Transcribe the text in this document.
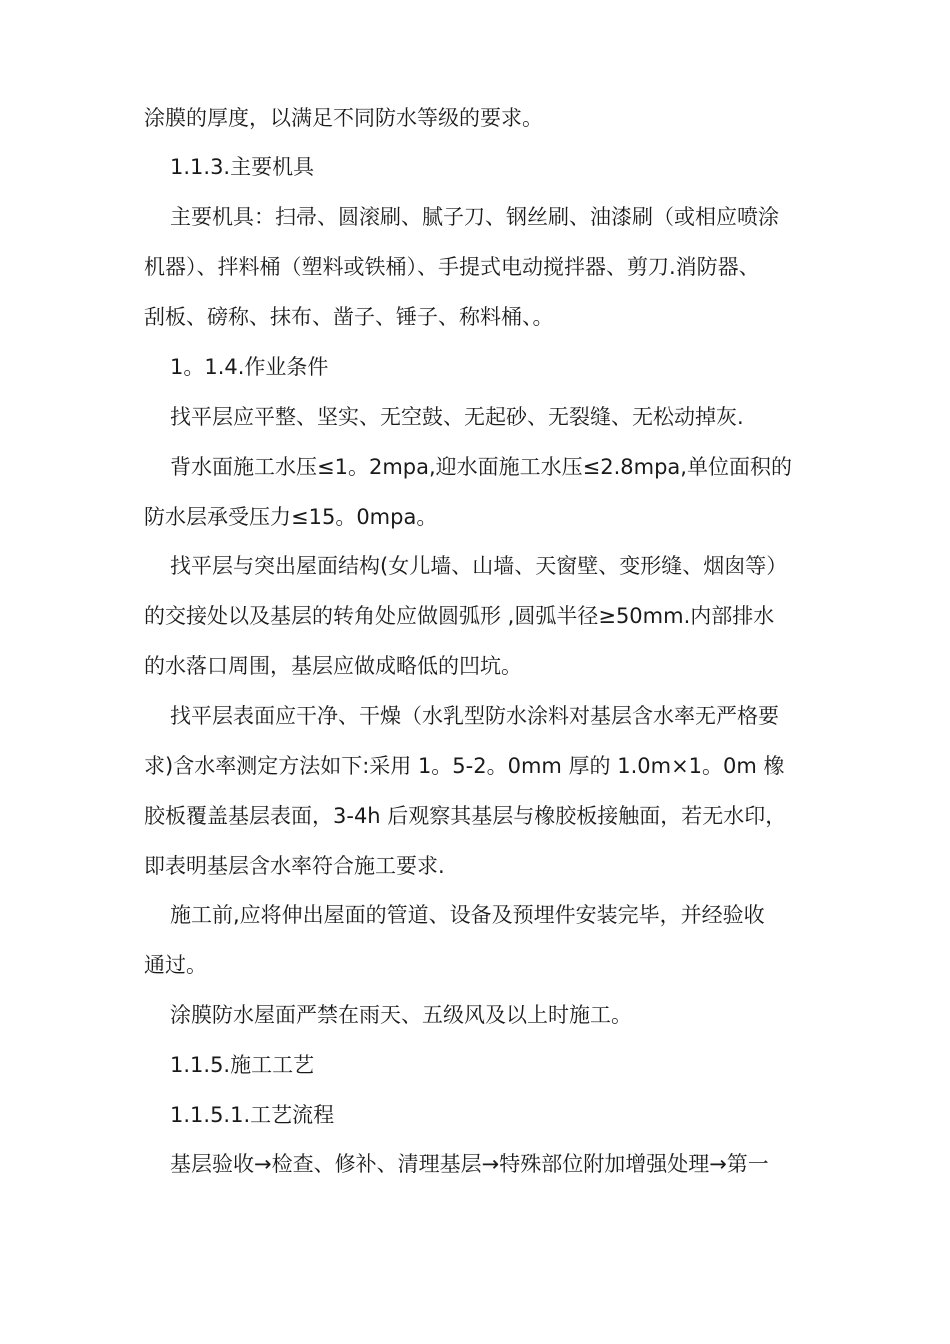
涂膜的厚度，以满足不同防水等级的要求。
1.1.3.主要机具
主要机具：扫帚、圆滚刷、腻子刀、钢丝刷、油漆刷（或相应喷涂
机器）、拌料桶（塑料或铁桶）、手提式电动搅拌器、剪刀.消防器、
刮板、磅称、抹布、凿子、锤子、称料桶、。
1。1.4.作业条件
找平层应平整、坚实、无空鼓、无起砂、无裂缝、无松动掉灰.
背水面施工水压≤1。2mpa,迎水面施工水压≤2.8mpa,单位面积的
防水层承受压力≤15。0mpa。
找平层与突出屋面结构(女儿墙、山墙、天窗壁、变形缝、烟囱等）
的交接处以及基层的转角处应做圆弧形 ,圆弧半径≥50mm.内部排水
的水落口周围，基层应做成略低的凹坑。
找平层表面应干净、干燥（水乳型防水涂料对基层含水率无严格要
求)含水率测定方法如下:采用 1。5-2。0mm 厚的 1.0m×1。0m 橡
胶板覆盖基层表面，3-4h 后观察其基层与橡胶板接触面，若无水印，
即表明基层含水率符合施工要求.
施工前,应将伸出屋面的管道、设备及预埋件安装完毕，并经验收
通过。
涂膜防水屋面严禁在雨天、五级风及以上时施工。
1.1.5.施工工艺
1.1.5.1.工艺流程
基层验收→检查、修补、清理基层→特殊部位附加增强处理→第一
